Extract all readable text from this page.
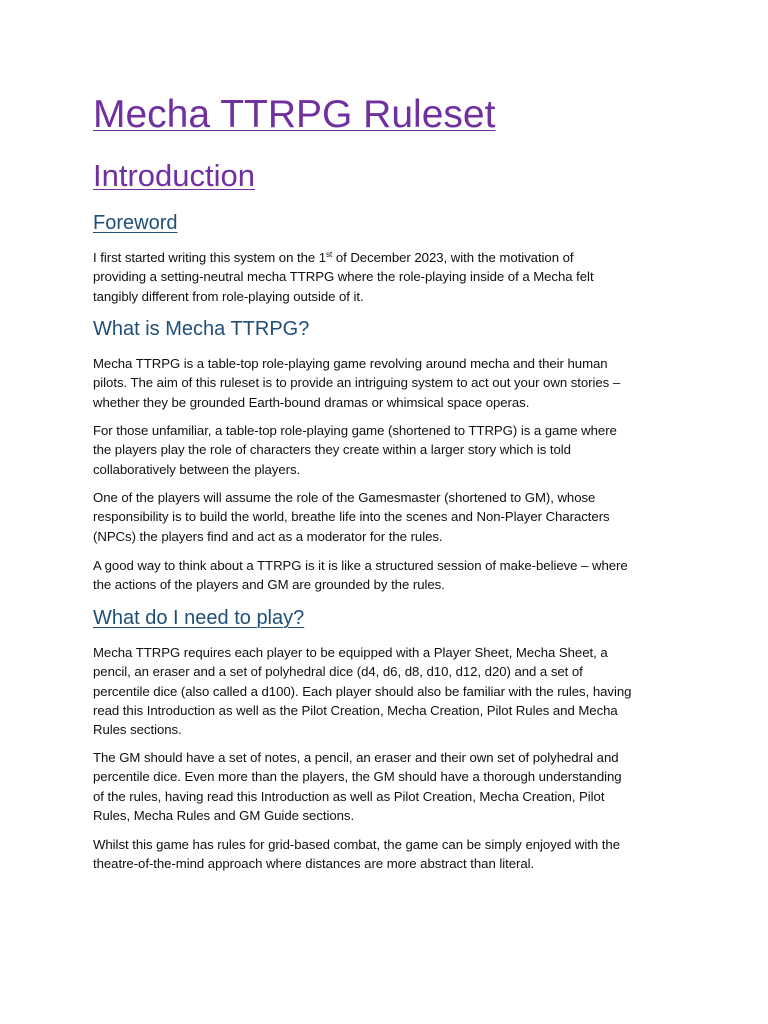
Mecha TTRPG Ruleset
Introduction
Foreword

I first started writing this system on the 1st of December 2023, with the motivation of
providing a setting-neutral mecha TTRPG where the role-playing inside of a Mecha felt
tangibly different from role-playing outside of it.

What is Mecha TTRPG?

Mecha TTRPG is a table-top role-playing game revolving around mecha and their human
pilots. The aim of this ruleset is to provide an intriguing system to act out your own stories –
whether they be grounded Earth-bound dramas or whimsical space operas.

For those unfamiliar, a table-top role-playing game (shortened to TTRPG) is a game where
the players play the role of characters they create within a larger story which is told
collaboratively between the players.

One of the players will assume the role of the Gamesmaster (shortened to GM), whose
responsibility is to build the world, breathe life into the scenes and Non-Player Characters
(NPCs) the players find and act as a moderator for the rules.

A good way to think about a TTRPG is it is like a structured session of make-believe – where
the actions of the players and GM are grounded by the rules.

What do I need to play?

Mecha TTRPG requires each player to be equipped with a Player Sheet, Mecha Sheet, a
pencil, an eraser and a set of polyhedral dice (d4, d6, d8, d10, d12, d20) and a set of
percentile dice (also called a d100). Each player should also be familiar with the rules, having
read this Introduction as well as the Pilot Creation, Mecha Creation, Pilot Rules and Mecha
Rules sections.

The GM should have a set of notes, a pencil, an eraser and their own set of polyhedral and
percentile dice. Even more than the players, the GM should have a thorough understanding
of the rules, having read this Introduction as well as Pilot Creation, Mecha Creation, Pilot
Rules, Mecha Rules and GM Guide sections.

Whilst this game has rules for grid-based combat, the game can be simply enjoyed with the
theatre-of-the-mind approach where distances are more abstract than literal.
